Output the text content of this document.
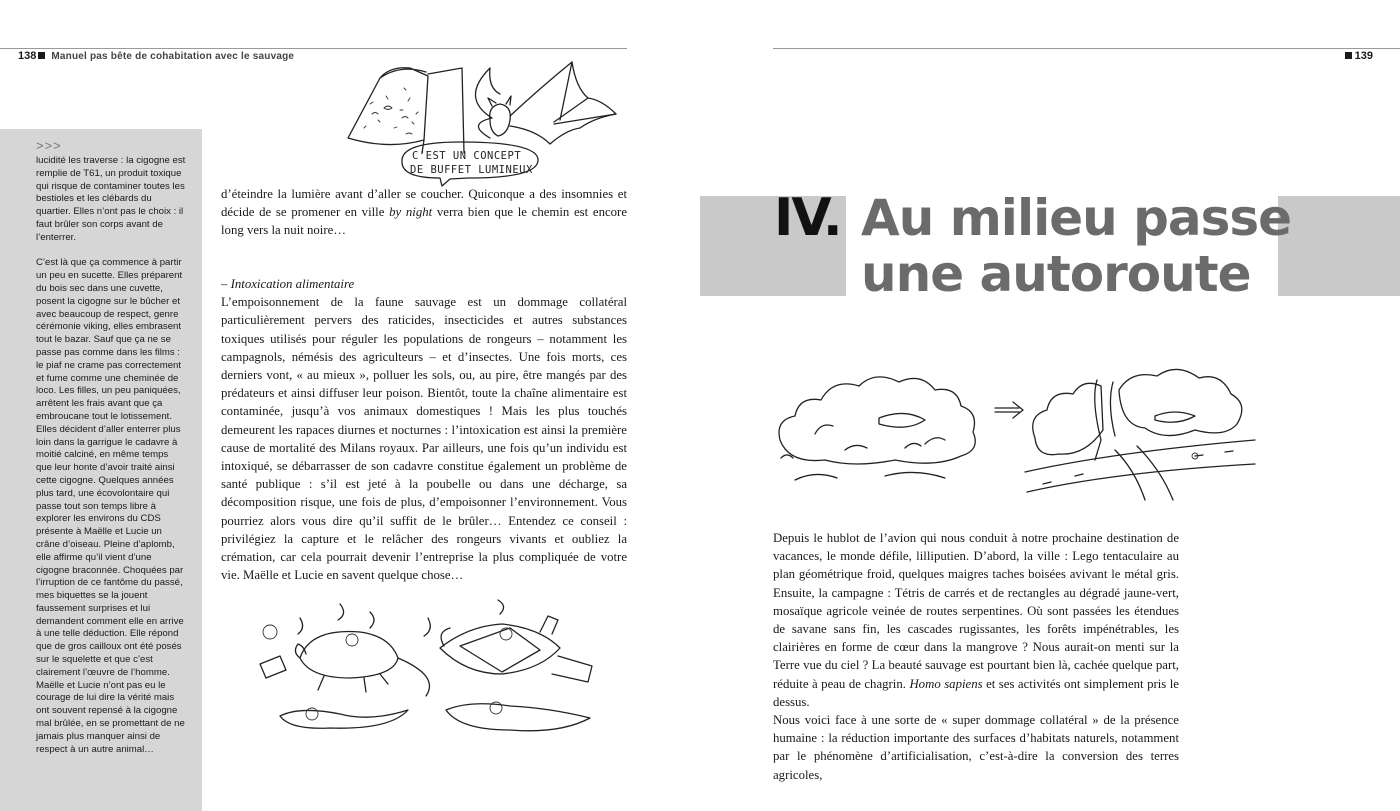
138 Manuel pas bête de cohabitation avec le sauvage
>>>

lucidité les traverse : la cigogne est remplie de T61, un produit toxique qui risque de contaminer toutes les bestioles et les clébards du quartier. Elles n’ont pas le choix : il faut brûler son corps avant de l’enterrer.

C’est là que ça commence à partir un peu en sucette. Elles préparent du bois sec dans une cuvette, posent la cigogne sur le bûcher et avec beaucoup de respect, genre cérémonie viking, elles embrasent tout le bazar. Sauf que ça ne se passe pas comme dans les films : le piaf ne crame pas correctement et fume comme une cheminée de loco. Les filles, un peu paniquées, arrêtent les frais avant que ça embroucane tout le lotissement. Elles décident d’aller enterrer plus loin dans la garrigue le cadavre à moitié calciné, en même temps que leur honte d’avoir traité ainsi cette cigogne. Quelques années plus tard, une écovolontaire qui passe tout son temps libre à explorer les environs du CDS présente à Maëlle et Lucie un crâne d’oiseau. Pleine d’aplomb, elle affirme qu’il vient d’une cigogne braconnée. Choquées par l’irruption de ce fantôme du passé, mes biquettes se la jouent faussement surprises et lui demandent comment elle en arrive à une telle déduction. Elle répond que de gros cailloux ont été posés sur le squelette et que c’est clairement l’œuvre de l’homme. Maëlle et Lucie n’ont pas eu le courage de lui dire la vérité mais ont souvent repensé à la cigogne mal brûlée, en se promettant de ne jamais plus manquer ainsi de respect à un autre animal…

C’EST UN CONCEPT
DE BUFFET LUMINEUX

d’éteindre la lumière avant d’aller se coucher. Quiconque a des insomnies et décide de se promener en ville by night verra bien que le chemin est encore long vers la nuit noire…

– Intoxication alimentaire

L’empoisonnement de la faune sauvage est un dommage collatéral particulièrement pervers des raticides, insecticides et autres substances toxiques utilisés pour réguler les populations de rongeurs – notamment les campagnols, némésis des agriculteurs – et d’insectes. Une fois morts, ces derniers vont, « au mieux », polluer les sols, ou, au pire, être mangés par des prédateurs et ainsi diffuser leur poison. Bientôt, toute la chaîne alimentaire est contaminée, jusqu’à vos animaux domestiques ! Mais les plus touchés demeurent les rapaces diurnes et nocturnes : l’intoxication est ainsi la première cause de mortalité des Milans royaux. Par ailleurs, une fois qu’un individu est intoxiqué, se débarrasser de son cadavre constitue également un problème de santé publique : s’il est jeté à la poubelle ou dans une décharge, sa décomposition risque, une fois de plus, d’empoisonner l’environnement. Vous pourriez alors vous dire qu’il suffit de le brûler… Entendez ce conseil : privilégiez la capture et le relâcher des rongeurs vivants et oubliez la crémation, car cela pourrait devenir l’entreprise la plus compliquée de votre vie. Maëlle et Lucie en savent quelque chose…

139
IV. Au milieu passe
une autoroute

Depuis le hublot de l’avion qui nous conduit à notre prochaine destination de vacances, le monde défile, lilliputien. D’abord, la ville : Lego tentaculaire au plan géométrique froid, quelques maigres taches boisées avivant le métal gris. Ensuite, la campagne : Tétris de carrés et de rectangles au dégradé jaune-vert, mosaïque agricole veinée de routes serpentines. Où sont passées les étendues de savane sans fin, les cascades rugissantes, les forêts impénétrables, les clairières en forme de cœur dans la mangrove ? Nous aurait-on menti sur la Terre vue du ciel ? La beauté sauvage est pourtant bien là, cachée quelque part, réduite à peau de chagrin. Homo sapiens et ses activités ont simplement pris le dessus.

Nous voici face à une sorte de « super dommage collatéral » de la présence humaine : la réduction importante des surfaces d’habitats naturels, notamment par le phénomène d’artificialisation, c’est-à-dire la conversion des terres agricoles,
